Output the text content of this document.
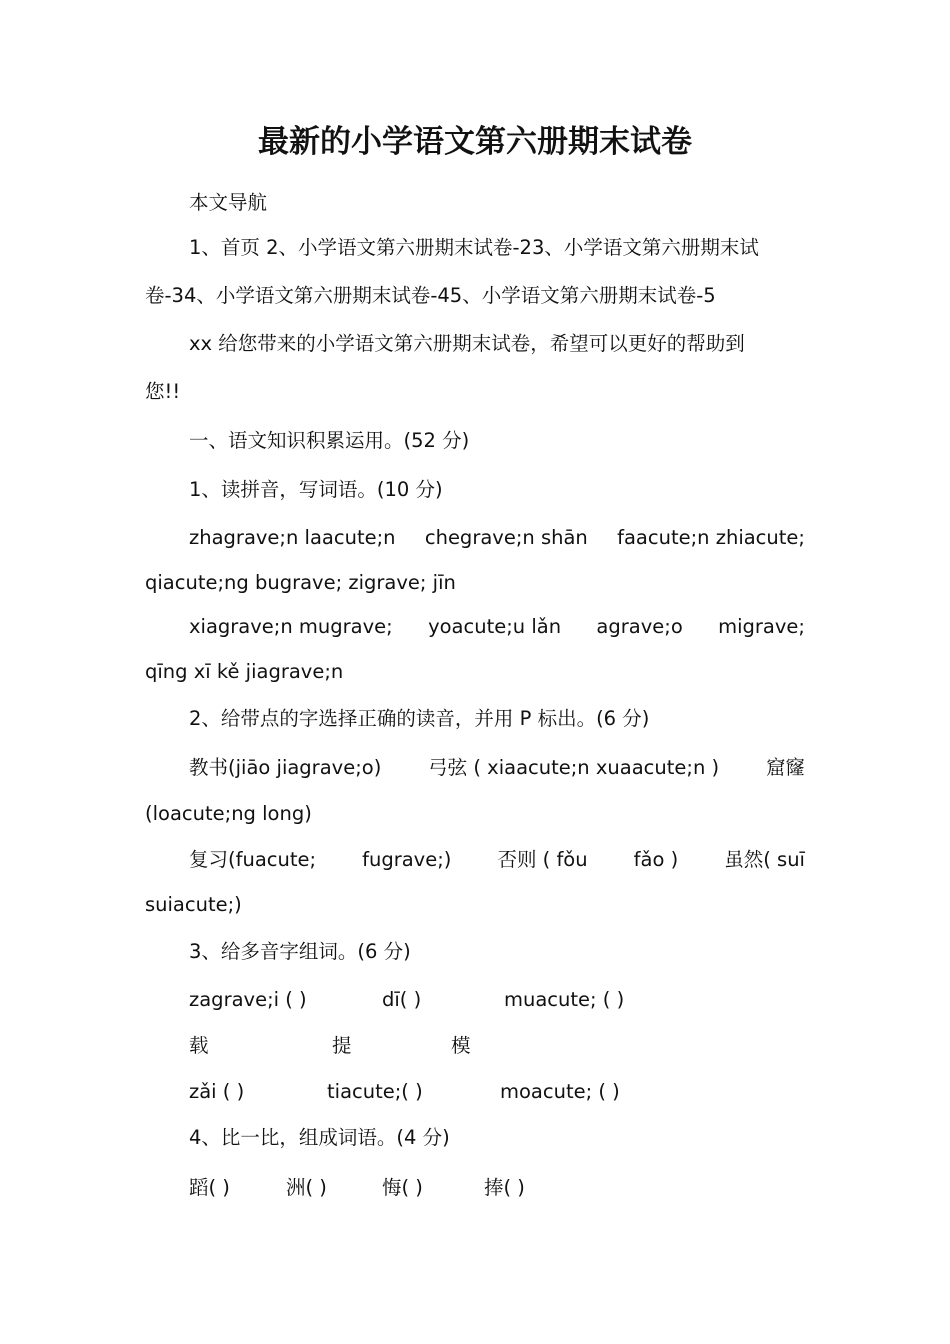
最新的小学语文第六册期末试卷
本文导航
1、首页 2、小学语文第六册期末试卷-23、小学语文第六册期末试
卷-34、小学语文第六册期末试卷-45、小学语文第六册期末试卷-5
xx 给您带来的小学语文第六册期末试卷，希望可以更好的帮助到
您!!
一、语文知识积累运用。(52 分)
1、读拼音，写词语。(10 分)
zhagrave;n laacute;n chegrave;n shān faacute;n zhiacute;
qiacute;ng bugrave; zigrave; jīn
xiagrave;n mugrave; yoacute;u lǎn agrave;o migrave;
qīng xī kě jiagrave;n
2、给带点的字选择正确的读音，并用 P 标出。(6 分)
教书(jiāo jiagrave;o) 弓弦 ( xiaacute;n xuaacute;n ) 窟窿
(loacute;ng long)
复习(fuacute; fugrave;) 否则 ( fǒu fǎo ) 虽然( suī
suiacute;)
3、给多音字组词。(6 分)
zagrave;i ( )	dī( )	muacute; ( )
载	提	模
zǎi ( )	tiacute;( )	moacute; ( )
4、比一比，组成词语。(4 分)
蹈( )	洲( )	悔( )	捧( )
